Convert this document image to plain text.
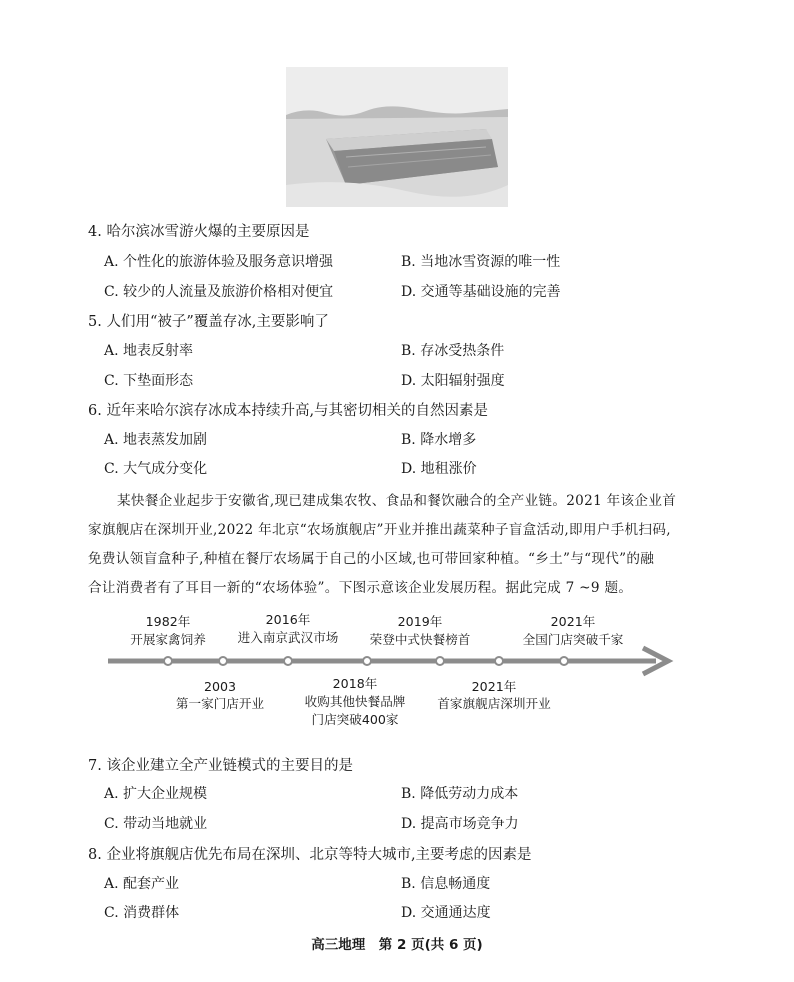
4. 哈尔滨冰雪游火爆的主要原因是
A. 个性化的旅游体验及服务意识增强	B. 当地冰雪资源的唯一性
C. 较少的人流量及旅游价格相对便宜	D. 交通等基础设施的完善
5. 人们用“被子”覆盖存冰,主要影响了
A. 地表反射率	B. 存冰受热条件
C. 下垫面形态	D. 太阳辐射强度
6. 近年来哈尔滨存冰成本持续升高,与其密切相关的自然因素是
A. 地表蒸发加剧	B. 降水增多
C. 大气成分变化	D. 地租涨价
某快餐企业起步于安徽省,现已建成集农牧、食品和餐饮融合的全产业链。2021 年该企业首
家旗舰店在深圳开业,2022 年北京“农场旗舰店”开业并推出蔬菜种子盲盒活动,即用户手机扫码,
免费认领盲盒种子,种植在餐厅农场属于自己的小区域,也可带回家种植。“乡土”与“现代”的融
合让消费者有了耳目一新的“农场体验”。下图示意该企业发展历程。据此完成 7 ~9 题。
1982年
开展家禽饲养
2016年
进入南京武汉市场
2019年
荣登中式快餐榜首
2021年
全国门店突破千家
2003
第一家门店开业
2018年
收购其他快餐品牌
门店突破400家
2021年
首家旗舰店深圳开业
7. 该企业建立全产业链模式的主要目的是
A. 扩大企业规模	B. 降低劳动力成本
C. 带动当地就业	D. 提高市场竞争力
8. 企业将旗舰店优先布局在深圳、北京等特大城市,主要考虑的因素是
A. 配套产业	B. 信息畅通度
C. 消费群体	D. 交通通达度
高三地理　第 2 页(共 6 页)
